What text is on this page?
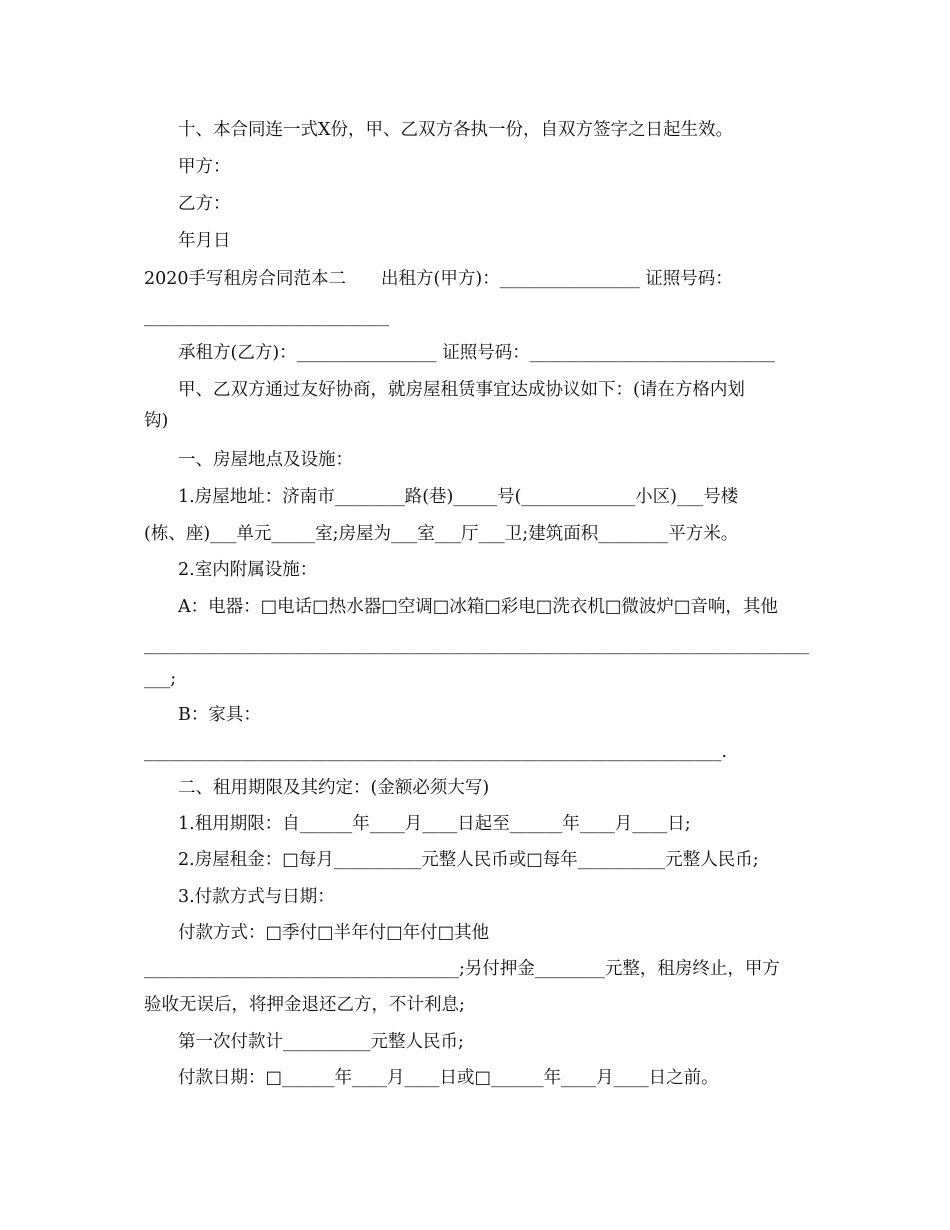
十、本合同连一式X份，甲、乙双方各执一份，自双方签字之日起生效。
甲方：
乙方：
年月日
2020手写租房合同范本二　　出租方(甲方)：________________ 证照号码：
____________________________
承租方(乙方)：________________ 证照号码：____________________________
甲、乙双方通过友好协商，就房屋租赁事宜达成协议如下：(请在方格内划
钩)
一、房屋地点及设施：
1.房屋地址：济南市________路(巷)_____号(_____________小区)___号楼
(栋、座)___单元_____室;房屋为___室___厅___卫;建筑面积________平方米。
2.室内附属设施：
A：电器：□电话□热水器□空调□冰箱□彩电□洗衣机□微波炉□音响，其他
____________________________________________________________________________
___;
B：家具：
__________________________________________________________________.
二、租用期限及其约定：(金额必须大写)
1.租用期限：自______年____月____日起至______年____月____日;
2.房屋租金：□每月__________元整人民币或□每年__________元整人民币;
3.付款方式与日期：
付款方式：□季付□半年付□年付□其他
____________________________________;另付押金________元整，租房终止，甲方
验收无误后，将押金退还乙方，不计利息;
第一次付款计__________元整人民币;
付款日期：□______年____月____日或□______年____月____日之前。
